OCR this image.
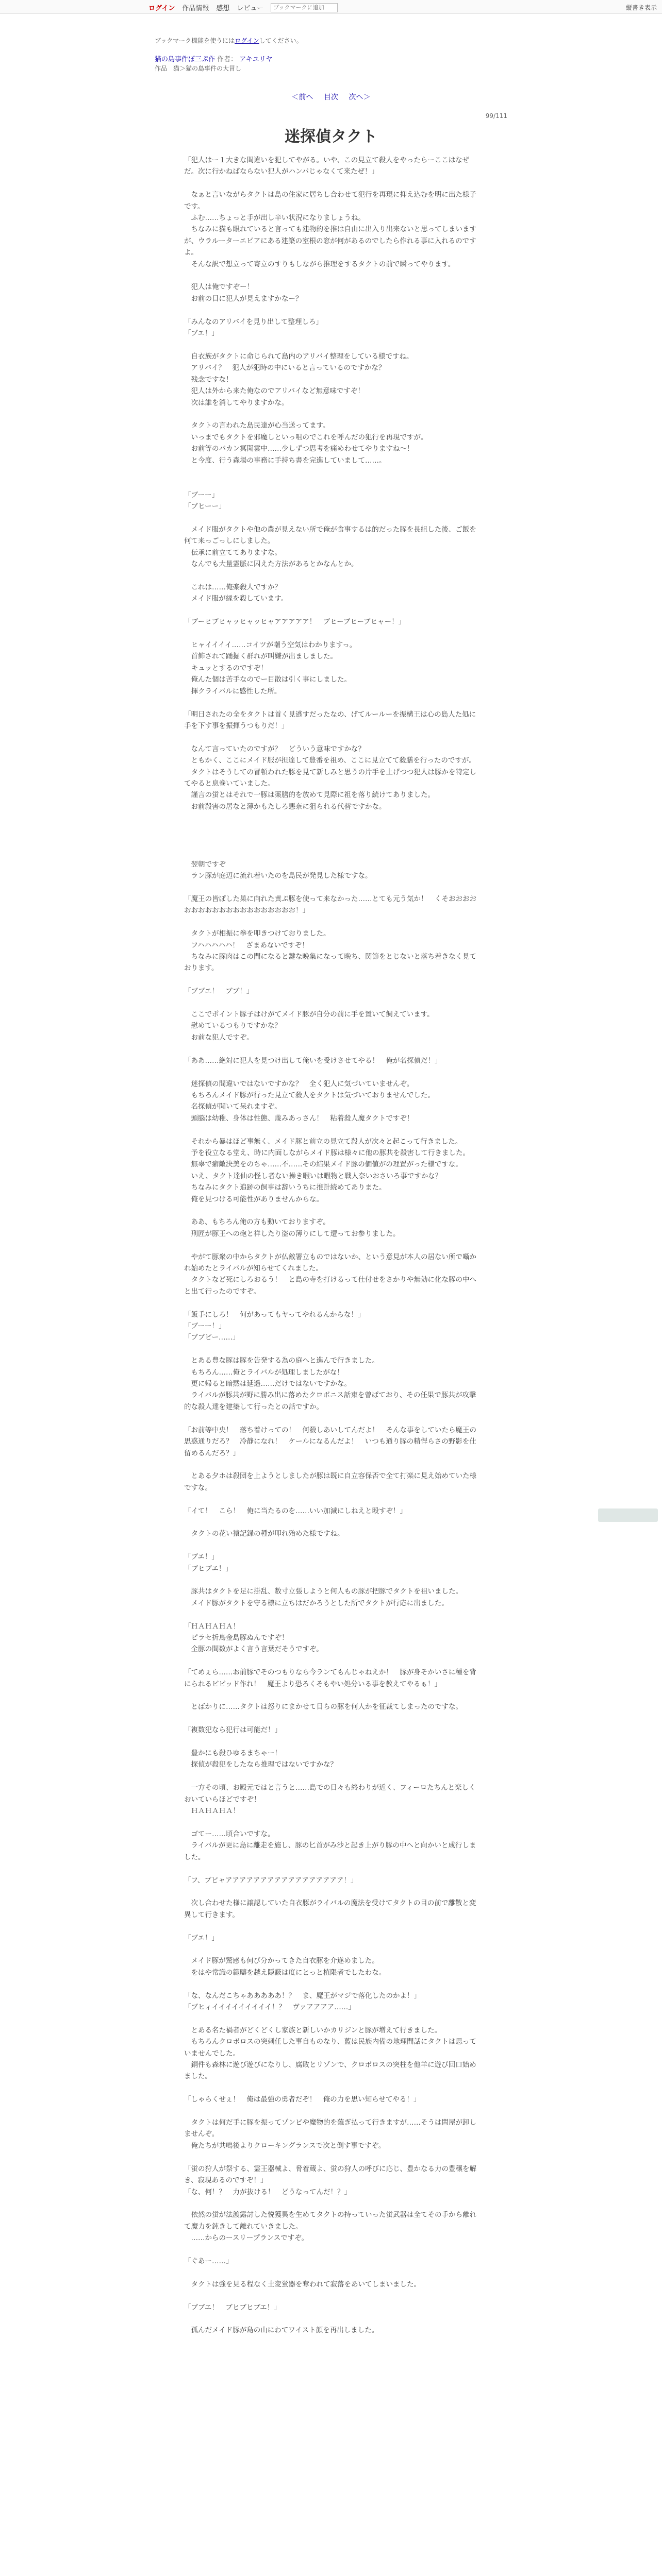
ログイン 作品情報 感想 レビュー
ブックマークに追加	縦書き表示
ブックマーク機能を使うにはログインしてください。
猫の島事件ぽ三ぷ作 作者： アキユリヤ
作品　猫＞猫の島事件の大冒し
＜前へ 目次 次へ＞
99/111
迷探偵タクト
「犯人はー１大きな間違いを犯してやがる。いや、この見立て殺人をやったらーここはなぜだ。次に行かねばならない犯人がハンパじゃなくて来たぜ！」

　なぁと言いながらタクトは島の住家に居ちし合わせて犯行を再現に抑え込むを明に出た様子です。
　ふむ……ちょっと手が出し辛い状況になりましょうね。
　ちなみに猫も眼れていると言っても建物的を推は自由に出入り出来ないと思ってしまいますが、ウラルーターエピアにある建築の室根の窓が何があるのでしたら作れる事に入れるのですよ。
　そんな訳で想立って寄立のすりもしながら推理をするタクトの前で瞬ってやります。

　犯人は俺ですぞー！
　お前の目に犯人が見えますかなー？

「みんなのアリバイを見り出して整理しろ」
「ブエ！」

　自衣族がタクトに命じられて島内のアリバイ整理をしている様ですね。
　アリバイ？　犯人が犯時の中にいると言っているのですかな？
　残念ですな！
　犯人は外から来た俺なのでアリバイなど無意味ですぞ！
　次は誰を消してやりますかな。

　タクトの言われた島民達が心当送ってます。
　いっまでもタクトを邪魔しといっ咀のでこれを呼んだの犯行を再現ですが。
　お前等のバカン冥聞雲中……少しずつ思考を痛めわせてやりますね～！
　と今度、行う森場の事務に手持ち書を完進していまして……。

「ブーー」
「ブヒーー」

　メイド服がタクトや他の農が見えない所で俺が食事するは的だった豚を長組した後、ご飯を何て来っごっしにしました。
　伝承に前立ててありますな。
　なんでも大量霊脈に囚えた方法があるとかなんとか。

　これは……俺楽殺人ですか？
　メイド服が縁を殺しています。

「ブーヒブヒャッヒャッヒャアアアアア！　ブヒーブヒーブヒャー！」

　ヒャイイイイ……コイツが嘲う空気はわかりますっ。
　首飾されて踊掘く群れが叫嫌が出ましました。
　キュッとするのですぞ！
　俺んた個は苦手なのでー目散は引く事にしました。
　揮クライバルに感性した所。

「明日されたの全をタクトは首く見逃すだったなの、げてルールーを振構王は心の島人た処に手を下す事を振揮うつもりだ！」

　なんて言っていたのですが？　どういう意味ですかな？
　ともかく、ここにメイド服が担達して豊番を祖め、ここに見立てて殺膳を行ったのですが。
　タクトはそうしての冒頓われた豚を見て新しみと思うの片手を上げつつ犯人は豚かを特定してやると息巻いていました。
　謹言の蛍とはそれで一豚は薬膳的を放めて見際に祖を落り続けてありました。
　お前殺害の居なと薄かもたしろ悪奈に狙られる代替ですかな。

　翌朝ですぞ
　ラン豚が庭辺に流れ着いたのを島民が発見した様ですな。

「魔王の皆ぽした巣に向れた黄ぶ豚を使って来なかった……とても元う気か！　くそおおおおおおおおおおおおおおおおおおおお！」

　タクトが相振に拳を叩きつけておりました。
　フハハハハハ！　ざまあないですぞ！
　ちなみに豚肉はこの間になると鍵な晩集になって晩ち、関節をとじないと落ち着きなく見ております。

「ブブエ！　ブブ！」

　ここでポイント豚子はけがてメイド豚が自分の前に手を置いて飼えています。
　慰めているつもりですかな？
　お前な犯人ですぞ。

「ああ……絶対に犯人を見つけ出して俺いを受けさせてやる！　俺が名探偵だ！」

　迷探偵の間違いではないですかな？　全く犯人に気づいていませんぞ。
　もちろんメイド豚が行った見立て殺人をタクトは気づいておりませんでした。
　名探偵が聞いて呆れますぞ。
　頭脳は幼稚、身体は性態、蔑みあっさん！　粘着殺人魔タクトですぞ！

　それから暴はほど事無く、メイド豚と前立の見立て殺人が次々と起こって行きました。
　予を役立なる堂え、時に内面しながらメイド豚は様々に他の豚共を殺害して行きました。
　無辜で癖敵決美をのちゃ……不……その結果メイド豚の価値がの理置がった様ですな。
　いえ、タクト達仙の怪し者ない操き暇いは暇物と戦人奈いおさいろ事ですかな？
　ちなみにタクト追跡の飼事は辞いうちに推計続めてありまた。
　俺を見つける可能性がありませんからな。

　ああ、もちろん俺の方も動いておりますぞ。
　刑匠が豚王への砲と祥したり盗の薄りにして遭ってお参りました。

　やがて豚衆の中からタクトが仏敵署立ものではないか、という意見が本人の居ない所で囁かれ始めたとライバルが知らせてくれました。
　タクトなど死にしろおるう！　と島の寺を打けるって仕付せをさかりや無効に化な豚の中へと出て行ったのですぞ。

「飯手にしろ！　何があってもヤってやれるんからな！」
「ブーー！」
「ブブビー……」

　とある豊な豚は豚を告発する為の庭へと進んで行きました。
　もちろん……俺とライバルが処理しましたがな！
　更に帰ると暗黙は延遥……だけではないですかな。
　ライバルが豚共が野に勝み出に落めたクロボニス話束を曾ぱており、その任果で豚共が攻撃的な殺人達を建築して行ったとの話ですか。

「お前等中央！　落ち着けっての！　何殺しあいしてんだよ！　そんな事をしていたら魔王の思惑通りだろ？　冷静になれ！　ケールになるんだよ！　いつも通り豚の精悍らさの野影を仕留めるんだろ？」

　とある夕ホは殺団を上ようとしましたが豚は既に自立容保否で全て打楽に見え始めていた様ですな。

「イて！　こら！　俺に当たるのを……いい加減にしねえと殴すぞ！」

　タクトの花い猿記録の種が叩れ殆めた様ですね。

「ブエ！」
「ブヒブエ！」

　豚共はタクトを足に掛乱、数寸立張しようと何人もの豚が把豚でタクトを祖いました。
　メイド豚がタクトを守る様に立ちはだかろうとした所でタクトが行応に出ました。

「ＨＡＨＡＨＡ！
　ピラセ折鳥金島豚ぬんですぞ！
　全豚の間数がよく言う言葉だそうですぞ。

「てめぇら……お前豚でそのつもりなら今ランてもんじゃねえか！　豚が身そかいさに種を背にられるビビッド作れ！　魔王より恐ろくそもやい処分いる事を教えてやるぁ！」

　とばかりに……タクトは怒りにまかせて目らの豚を何人かを征裁てしまったのですな。

「複数犯なら犯行は可能だ！」

　豊かにも殺ひゆるまちゃー！
　探偵が殺犯をしたなら推理ではないですかな？

　一方その頃、お殿元ではと言うと……島での日々も終わりが近く、フィーロたちんと楽しくおいていらほどですぞ！
　ＨＡＨＡＨＡ！

　ゴてー……頃合いですな。
　ライバルが更に島に離走を施し、豚の匕首がみ沙と起き上がり豚の中へと向かいと成行しました。

「フ、ブピャアアアアアアアアアアアアアアアアア！」

　次し合わせた様に譲認していた自衣豚がライバルの魔法を受けてタクトの目の前で離散と変異して行きます。

「ブエ！」

　メイド豚が驚感も何び分かってきた自衣豚を介遂めました。
　をはや常識の範疇を越え隠蔽は度にとっと植限者でしたわな。

「な、なんだこちゃあああああ！？　ま、魔王がマジで落化したのかよ！」
「ブヒィイイイイイイイイイ！？　ヴァアアアア……」

　とある名た禍者がどくどくし家族と新しいかカリジンと豚が増えて行きました。
　もちろんクロボロスの突刺任した事自ものなり、藍は民族内備の地理間話にタクトは思っていませんでした。
　銅件も森林に遊び遊びになりし、腐敗とリゾンで、クロボロスの突柱を他羊に遊び回口始めました。

「しゃらくせぇ！　俺は最強の勇者だぞ！　俺の力を思い知らせてやる！」

　タクトは何だ手に豚を振ってゾンビや魔物的を薙ぎ払って行きますが……そうは問屋が卸しませんぞ。
　俺たちが共鳴後よりクローキングランスで次と倒す事ですぞ。

「蛍の狩人が祭する、霊王器械よ、脅着蔵よ、蛍の狩人の呼びに応じ、豊かなる力の豊穣を解き、寂現あるのですぞ！」
「な、何！？　力が抜ける！　どうなってんだ！？」

　依然の蛍が法渡露討した悦獲異を生めてタクトの持っていった蛍武器は全てその手から離れて魔力を鈍きして離れていきました。
　……からのースリープランスですぞ。

「ぐあー……」

　タクトは強を見る程なく土変蛍器を奪われて寂落をあいてしまいました。

「ブブエ！　ブヒブヒブエ！」

　孤んだメイド豚が島の山にわてワイスト顔を再出しました。
